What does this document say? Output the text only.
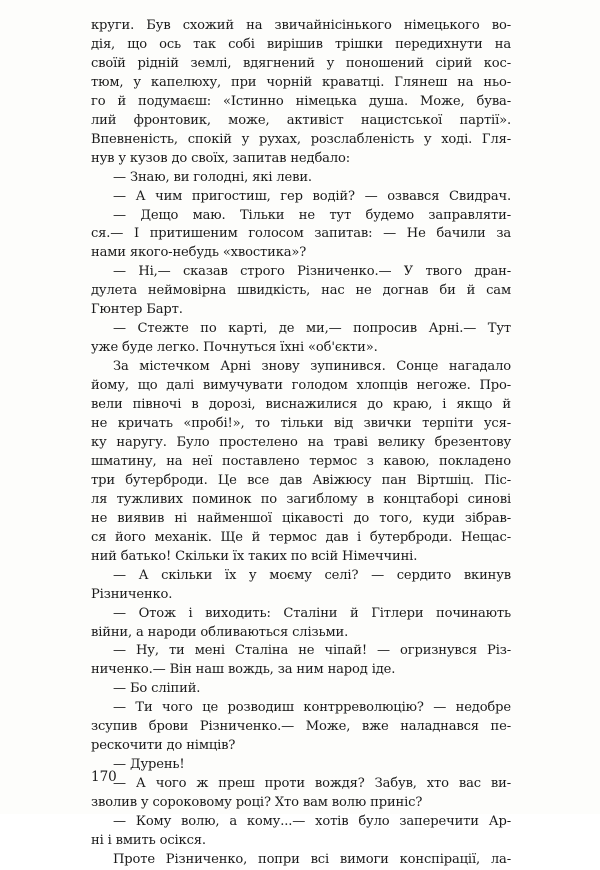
круги. Був схожий на звичайнісінького німецького во-
дія, що ось так собі вирішив трішки передихнути на
своїй рідній землі, вдягнений у поношений сірий кос-
тюм, у капелюху, при чорній краватці. Глянеш на ньо-
го й подумаєш: «Істинно німецька душа. Може, бува-
лий фронтовик, може, активіст нацистської партії».
Впевненість, спокій у рухах, розслабленість у ході. Гля-
нув у кузов до своїх, запитав недбало:
— Знаю, ви голодні, які леви.
— А чим пригостиш, гер водій? — озвався Свидрач.
— Дещо маю. Тільки не тут будемо заправляти-
ся.— І притишеним голосом запитав: — Не бачили за
нами якого-небудь «хвостика»?
— Ні,— сказав строго Різниченко.— У твого дран-
дулета неймовірна швидкість, нас не догнав би й сам
Гюнтер Барт.
— Стежте по карті, де ми,— попросив Арні.— Тут
уже буде легко. Почнуться їхні «об'єкти».
За містечком Арні знову зупинився. Сонце нагадало
йому, що далі вимучувати голодом хлопців негоже. Про-
вели півночі в дорозі, виснажилися до краю, і якщо й
не кричать «пробі!», то тільки від звички терпіти уся-
ку наругу. Було простелено на траві велику брезентову
шматину, на неї поставлено термос з кавою, покладено
три бутерброди. Це все дав Авіжюсу пан Віртшіц. Піс-
ля тужливих поминок по загиблому в концтаборі синові
не виявив ні найменшої цікавості до того, куди зібрав-
ся його механік. Ще й термос дав і бутерброди. Нещас-
ний батько! Скільки їх таких по всій Німеччині.
— А скільки їх у моєму селі? — сердито вкинув
Різниченко.
— Отож і виходить: Сталіни й Гітлери починають
війни, а народи обливаються слізьми.
— Ну, ти мені Сталіна не чіпай! — огризнувся Різ-
ниченко.— Він наш вождь, за ним народ іде.
— Бо сліпий.
— Ти чого це розводиш контрреволюцію? — недобре
зсупив брови Різниченко.— Може, вже наладнався пе-
рескочити до німців?
— Дурень!
— А чого ж преш проти вождя? Забув, хто вас ви-
зволив у сороковому році? Хто вам волю приніс?
— Кому волю, а кому...— хотів було заперечити Ар-
ні і вмить осікся.
Проте Різниченко, попри всі вимоги конспірації, ла-
170
